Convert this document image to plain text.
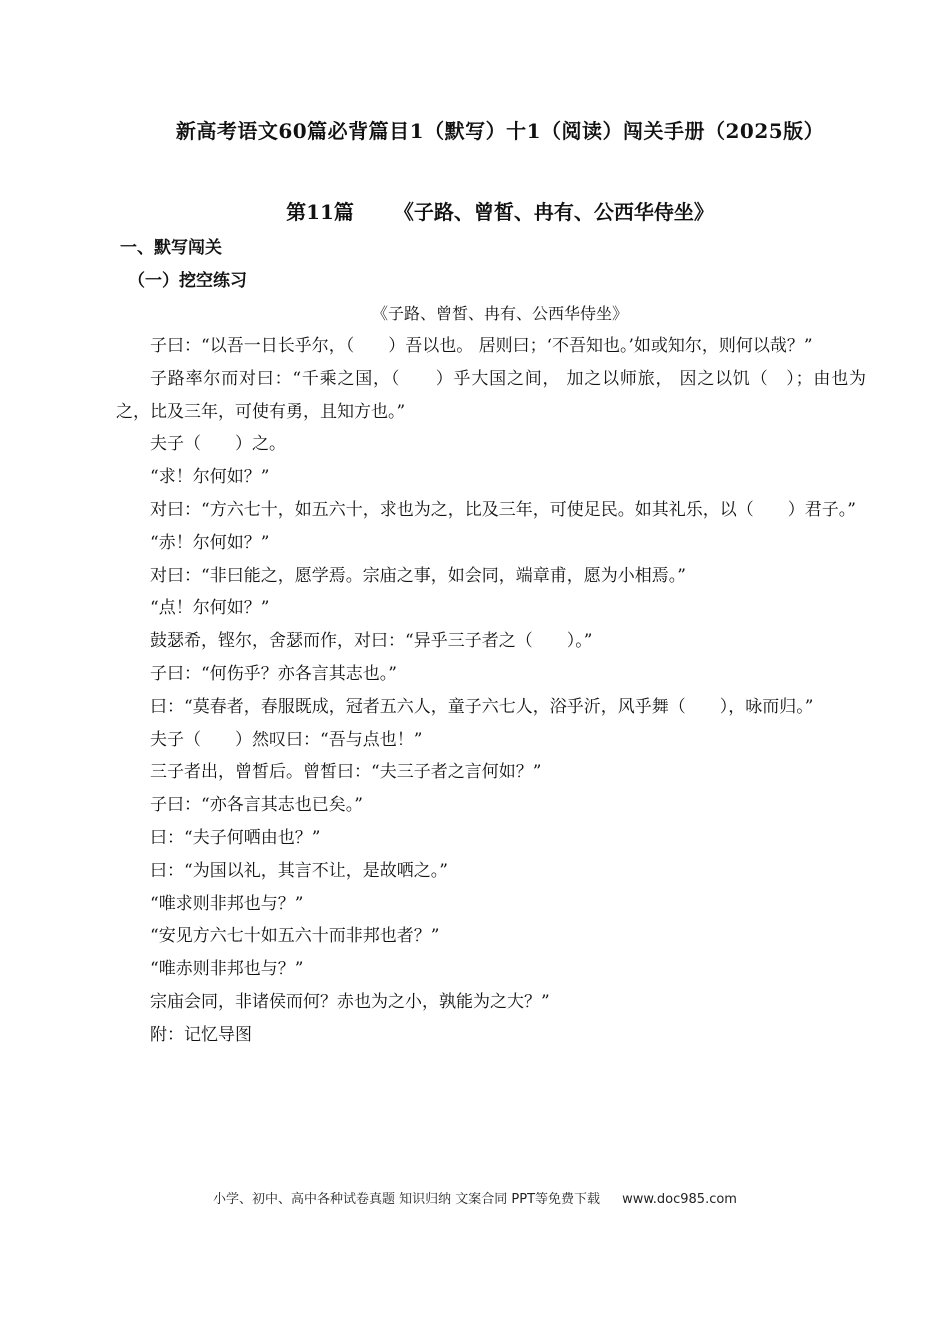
新高考语文60篇必背篇目1（默写）十1（阅读）闯关手册（2025版）
第11篇 《子路、曾皙、冉有、公西华侍坐》
一、默写闯关
（一）挖空练习
《子路、曾皙、冉有、公西华侍坐》

子曰：“以吾一日长乎尔，（　　）吾以也。 居则曰；‘不吾知也。’如或知尔，则何以哉？”

子路率尔而对曰：“千乘之国，（　　）乎大国之间， 加之以师旅， 因之以饥（　）；由也为之，比及三年，可使有勇，且知方也。”

夫子（　　）之。

“求！尔何如？”

对曰：“方六七十，如五六十，求也为之，比及三年，可使足民。如其礼乐，以（　　）君子。”

“赤！尔何如？”

对曰：“非曰能之，愿学焉。宗庙之事，如会同，端章甫，愿为小相焉。”

“点！尔何如？”

鼓瑟希，铿尔，舍瑟而作，对曰：“异乎三子者之（　　）。”

子曰：“何伤乎？亦各言其志也。”

曰：“莫春者，春服既成，冠者五六人，童子六七人，浴乎沂，风乎舞（　　），咏而归。”

夫子（　　）然叹曰：“吾与点也！”

三子者出，曾皙后。曾皙曰：“夫三子者之言何如？”

子曰：“亦各言其志也已矣。”

曰：“夫子何哂由也？”

曰：“为国以礼，其言不让，是故哂之。”

“唯求则非邦也与？”

“安见方六七十如五六十而非邦也者？”

“唯赤则非邦也与？”

宗庙会同，非诸侯而何？赤也为之小，孰能为之大？”

附：记忆导图

小学、初中、高中各种试卷真题 知识归纳 文案合同 PPT等免费下载 www.doc985.com
